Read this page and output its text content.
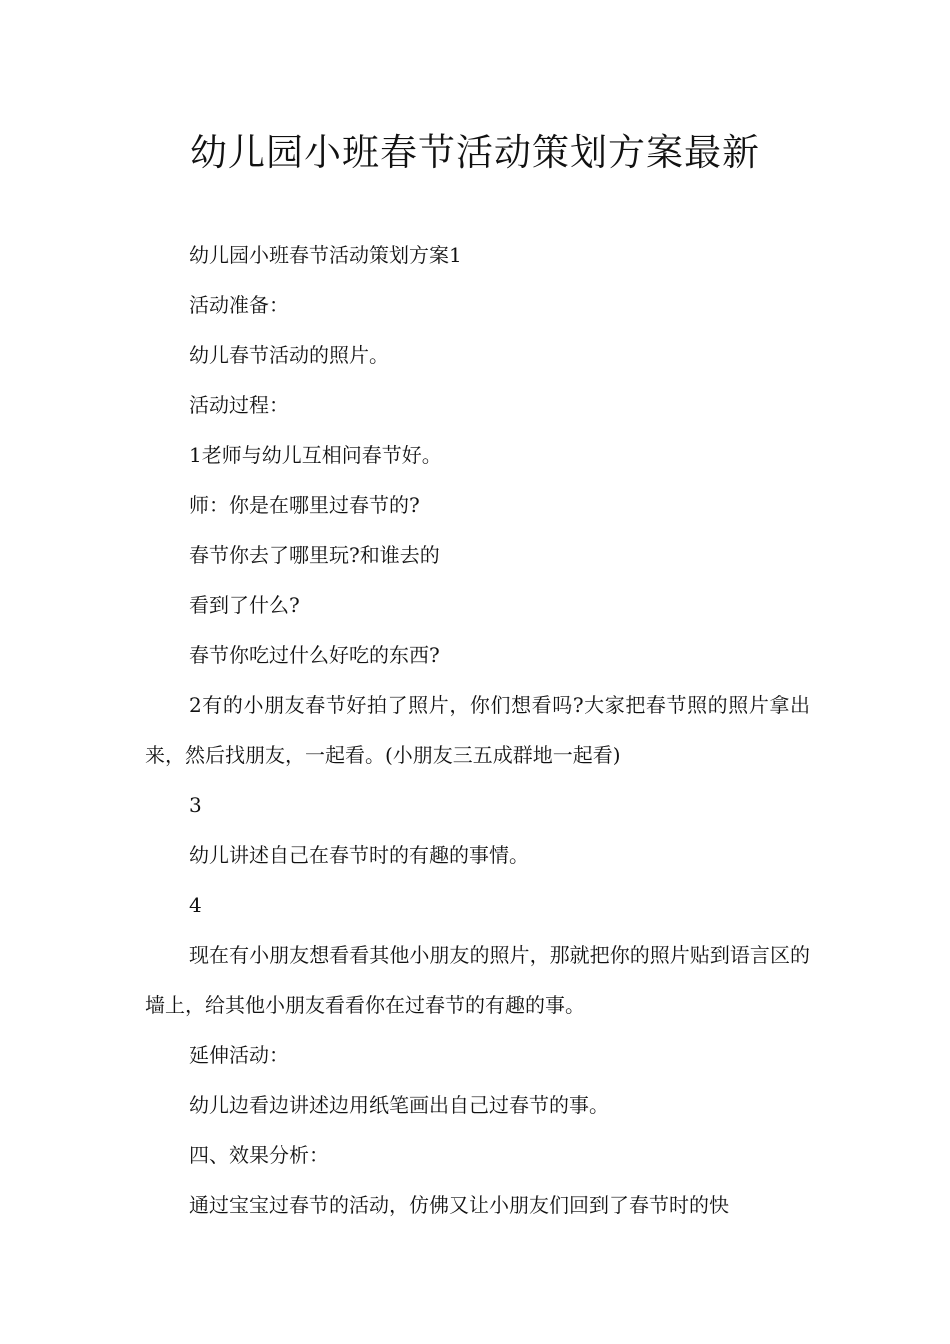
幼儿园小班春节活动策划方案最新

幼儿园小班春节活动策划方案1

活动准备：

幼儿春节活动的照片。

活动过程：

1老师与幼儿互相问春节好。

师：你是在哪里过春节的?

春节你去了哪里玩?和谁去的

看到了什么?

春节你吃过什么好吃的东西?

2有的小朋友春节好拍了照片，你们想看吗?大家把春节照的照片拿出来，然后找朋友，一起看。(小朋友三五成群地一起看)

3

幼儿讲述自己在春节时的有趣的事情。

4

现在有小朋友想看看其他小朋友的照片，那就把你的照片贴到语言区的墙上，给其他小朋友看看你在过春节的有趣的事。

延伸活动：

幼儿边看边讲述边用纸笔画出自己过春节的事。

四、效果分析：

通过宝宝过春节的活动，仿佛又让小朋友们回到了春节时的快
